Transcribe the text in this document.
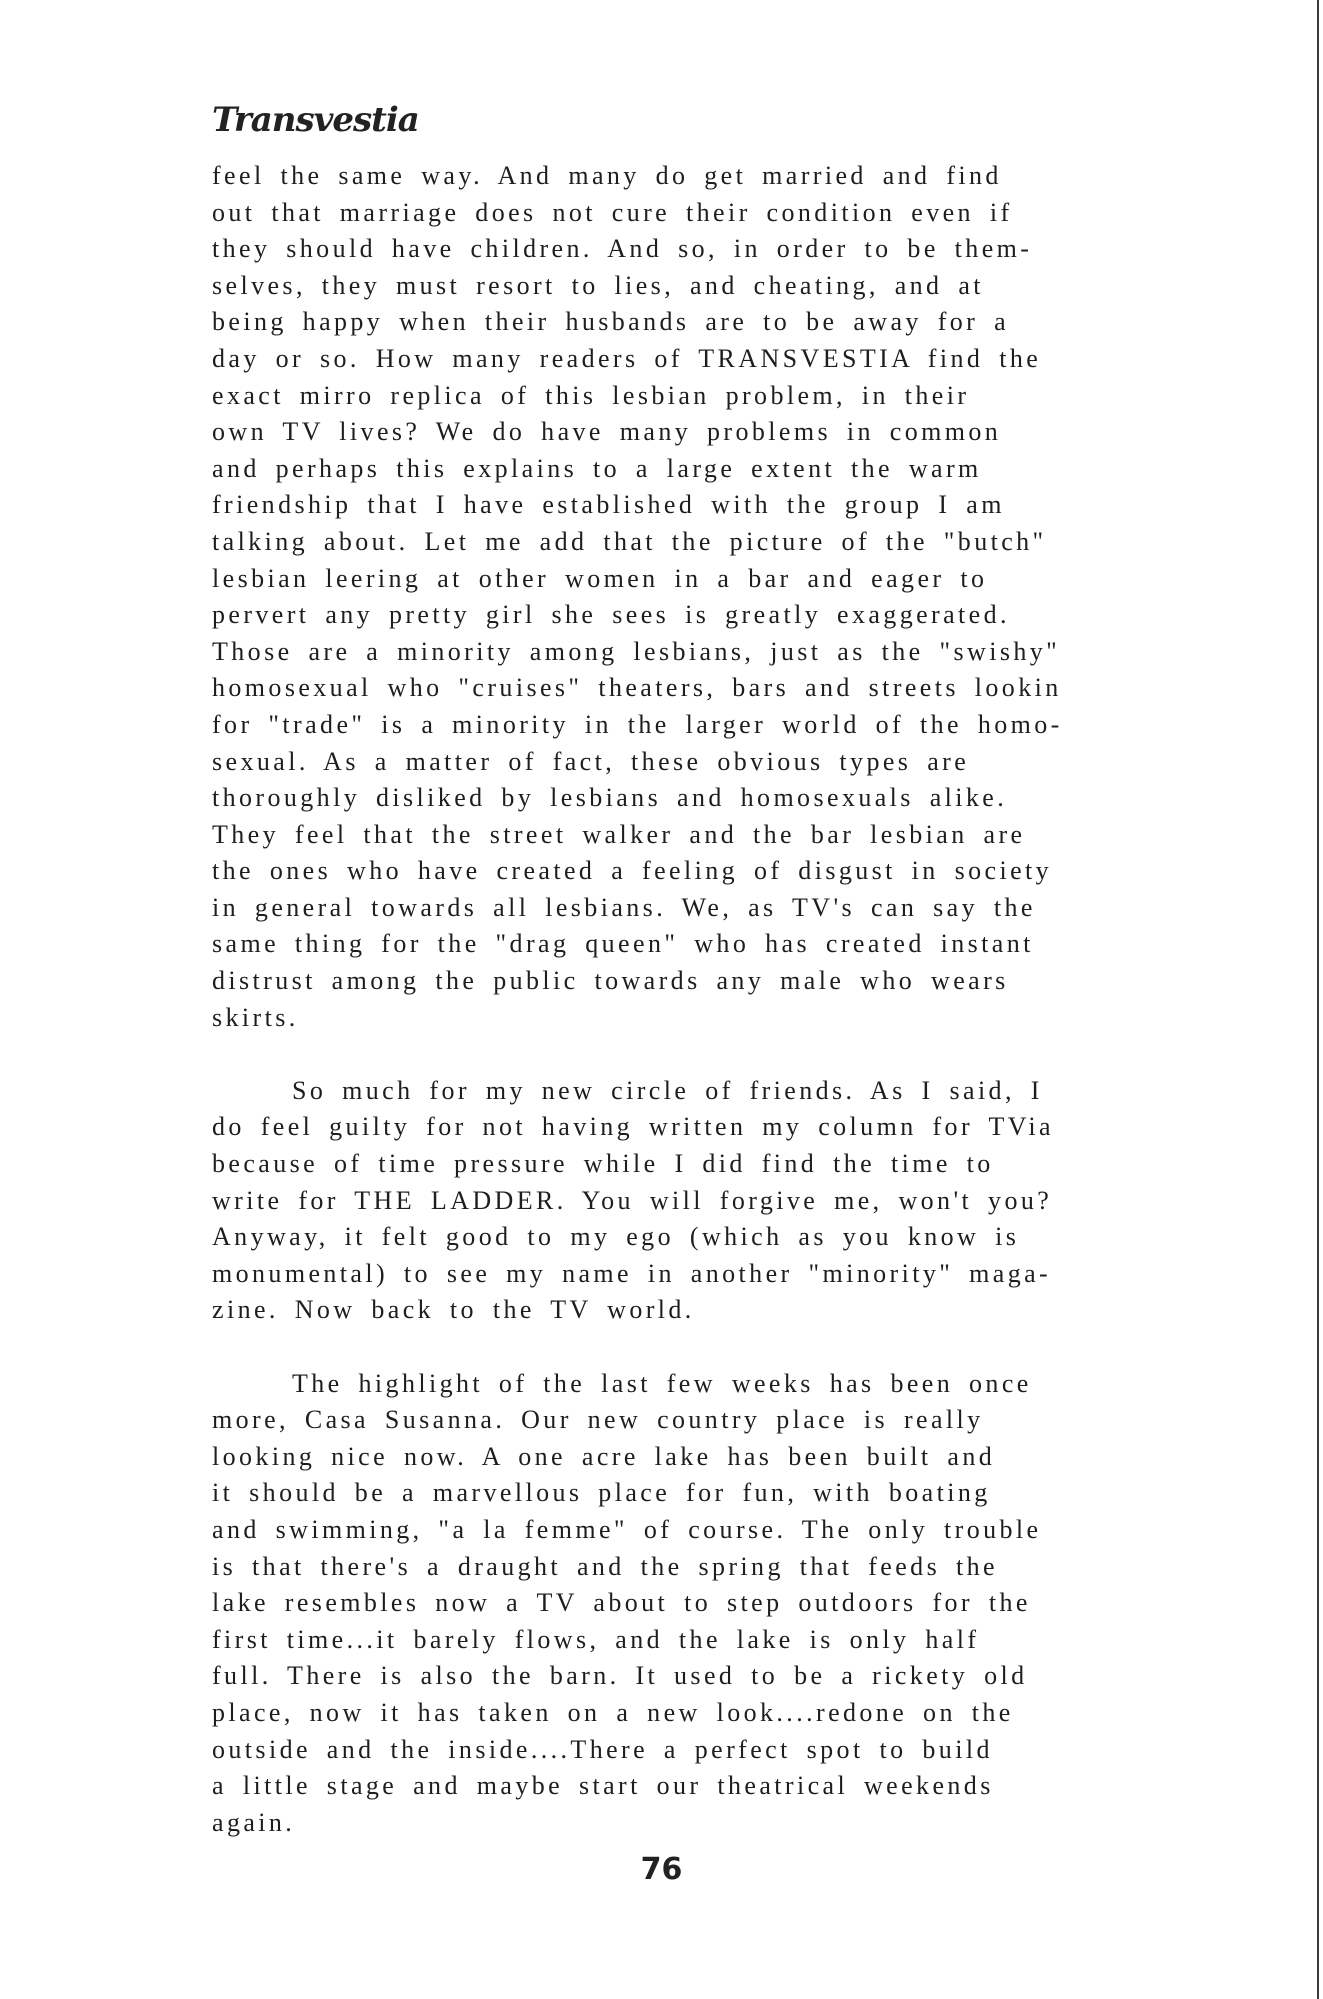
Transvestia
feel the same way. And many do get married and find
out that marriage does not cure their condition even if
they should have children. And so, in order to be them-
selves, they must resort to lies, and cheating, and at
being happy when their husbands are to be away for a
day or so. How many readers of TRANSVESTIA find the
exact mirro replica of this lesbian problem, in their
own TV lives? We do have many problems in common
and perhaps this explains to a large extent the warm
friendship that I have established with the group I am
talking about. Let me add that the picture of the "butch"
lesbian leering at other women in a bar and eager to
pervert any pretty girl she sees is greatly exaggerated.
Those are a minority among lesbians, just as the "swishy"
homosexual who "cruises" theaters, bars and streets lookin
for "trade" is a minority in the larger world of the homo-
sexual. As a matter of fact, these obvious types are
thoroughly disliked by lesbians and homosexuals alike.
They feel that the street walker and the bar lesbian are
the ones who have created a feeling of disgust in society
in general towards all lesbians. We, as TV's can say the
same thing for the "drag queen" who has created instant
distrust among the public towards any male who wears
skirts.
So much for my new circle of friends. As I said, I
do feel guilty for not having written my column for TVia
because of time pressure while I did find the time to
write for THE LADDER. You will forgive me, won't you?
Anyway, it felt good to my ego (which as you know is
monumental) to see my name in another "minority" maga-
zine. Now back to the TV world.
The highlight of the last few weeks has been once
more, Casa Susanna. Our new country place is really
looking nice now. A one acre lake has been built and
it should be a marvellous place for fun, with boating
and swimming, "a la femme" of course. The only trouble
is that there's a draught and the spring that feeds the
lake resembles now a TV about to step outdoors for the
first time...it barely flows, and the lake is only half
full. There is also the barn. It used to be a rickety old
place, now it has taken on a new look....redone on the
outside and the inside....There a perfect spot to build
a little stage and maybe start our theatrical weekends
again.
76
